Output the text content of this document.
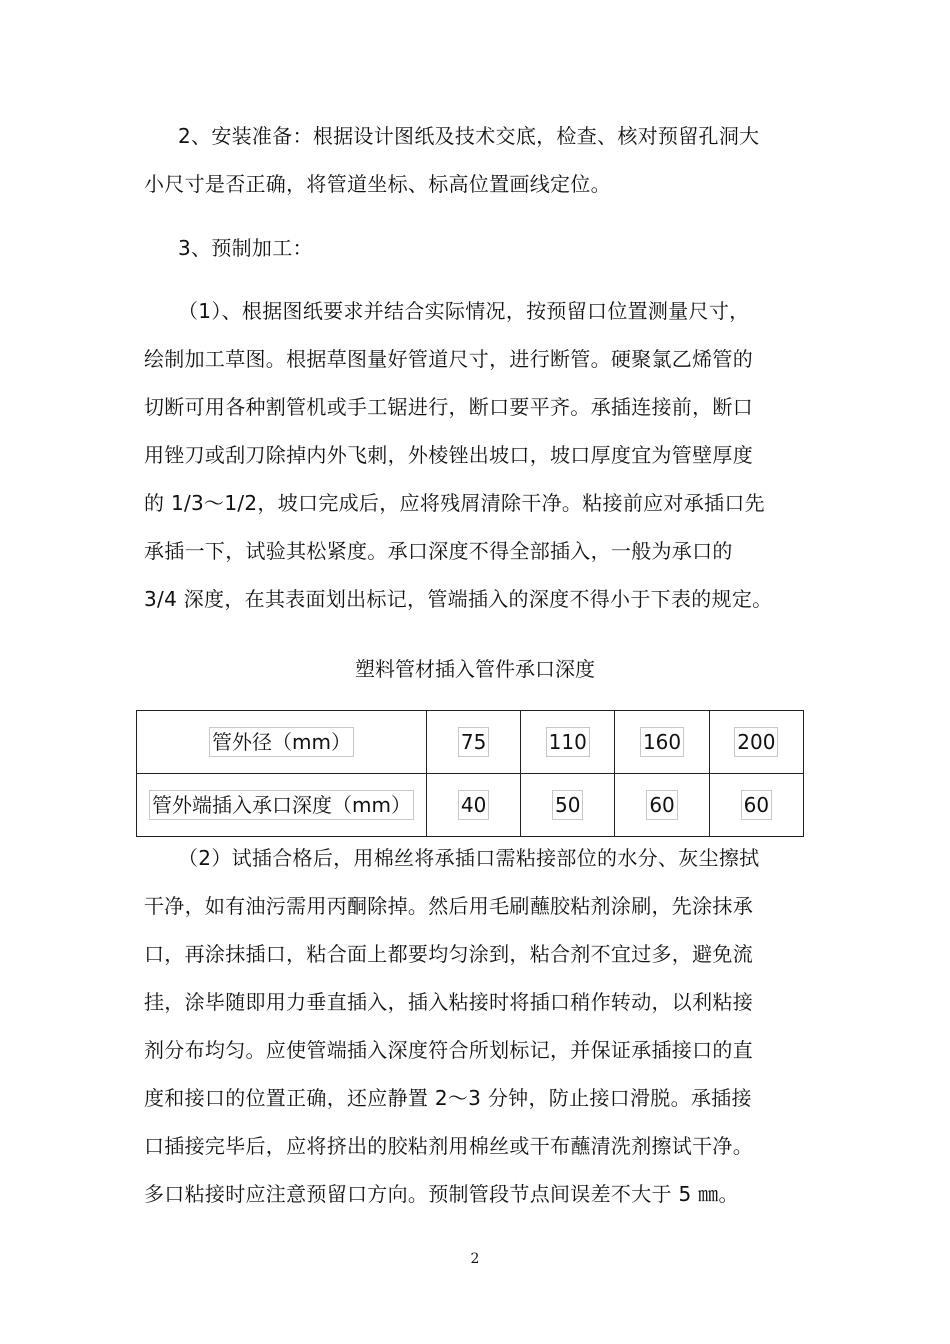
2、安装准备：根据设计图纸及技术交底，检查、核对预留孔洞大
小尺寸是否正确，将管道坐标、标高位置画线定位。

3、预制加工：

（1）、根据图纸要求并结合实际情况，按预留口位置测量尺寸，
绘制加工草图。根据草图量好管道尺寸，进行断管。硬聚氯乙烯管的
切断可用各种割管机或手工锯进行，断口要平齐。承插连接前，断口
用锉刀或刮刀除掉内外飞刺，外棱锉出坡口，坡口厚度宜为管壁厚度
的 1/3～1/2，坡口完成后，应将残屑清除干净。粘接前应对承插口先
承插一下，试验其松紧度。承口深度不得全部插入，一般为承口的
3/4 深度，在其表面划出标记，管端插入的深度不得小于下表的规定。

塑料管材插入管件承口深度
管外径（mm）	75	110	160	200
管外端插入承口深度（mm）	40	50	60	60

（2）试插合格后，用棉丝将承插口需粘接部位的水分、灰尘擦拭
干净，如有油污需用丙酮除掉。然后用毛刷蘸胶粘剂涂刷，先涂抹承
口，再涂抹插口，粘合面上都要均匀涂到，粘合剂不宜过多，避免流
挂，涂毕随即用力垂直插入，插入粘接时将插口稍作转动，以利粘接
剂分布均匀。应使管端插入深度符合所划标记，并保证承插接口的直
度和接口的位置正确，还应静置 2～3 分钟，防止接口滑脱。承插接
口插接完毕后，应将挤出的胶粘剂用棉丝或干布蘸清洗剂擦试干净。
多口粘接时应注意预留口方向。预制管段节点间误差不大于 5 ㎜。

2
